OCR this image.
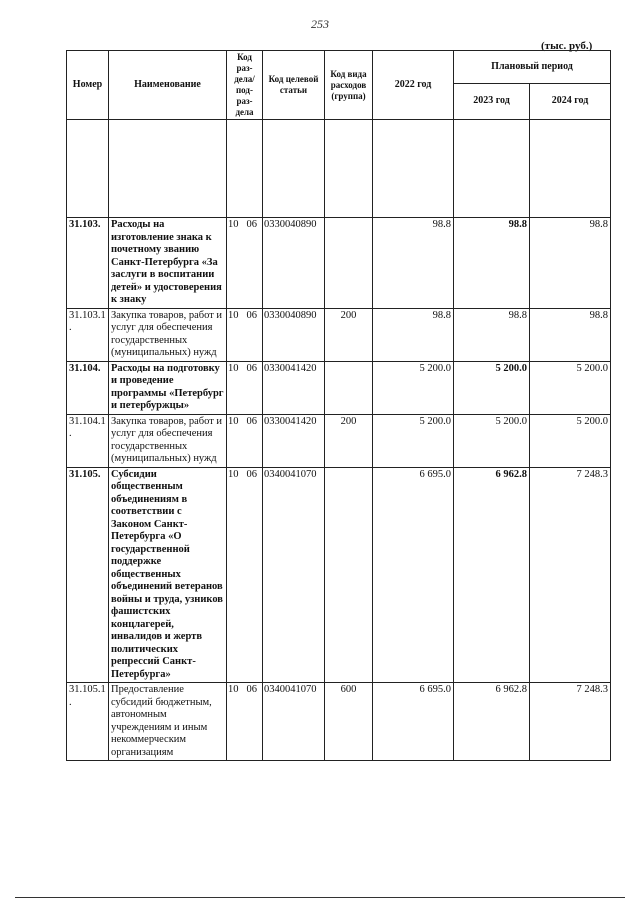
253
(тыс. руб.)
Номер	Наименование	Код раз- дела/ под- раз- дела	Код целевой статьи	Код вида расходов (группа)	2022 год	Плановый период	
						2023 год	2024 год

31.103.	Расходы на изготовление знака к почетному званию Санкт-Петербурга «За заслуги в воспитании детей» и удостоверения к знаку	10 06	0330040890		98.8	98.8	98.8
31.103.1 .	Закупка товаров, работ и услуг для обеспечения государственных (муниципальных) нужд	10 06	0330040890	200	98.8	98.8	98.8
31.104.	Расходы на подготовку и проведение программы «Петербург и петербуржцы»	10 06	0330041420		5 200.0	5 200.0	5 200.0
31.104.1 .	Закупка товаров, работ и услуг для обеспечения государственных (муниципальных) нужд	10 06	0330041420	200	5 200.0	5 200.0	5 200.0
31.105.	Субсидии общественным объединениям в соответствии с Законом Санкт-Петербурга «О государственной поддержке общественных объединений ветеранов войны и труда, узников фашистских концлагерей, инвалидов и жертв политических репрессий Санкт-Петербурга»	10 06	0340041070		6 695.0	6 962.8	7 248.3
31.105.1 .	Предоставление субсидий бюджетным, автономным учреждениям и иным некоммерческим организациям	10 06	0340041070	600	6 695.0	6 962.8	7 248.3
